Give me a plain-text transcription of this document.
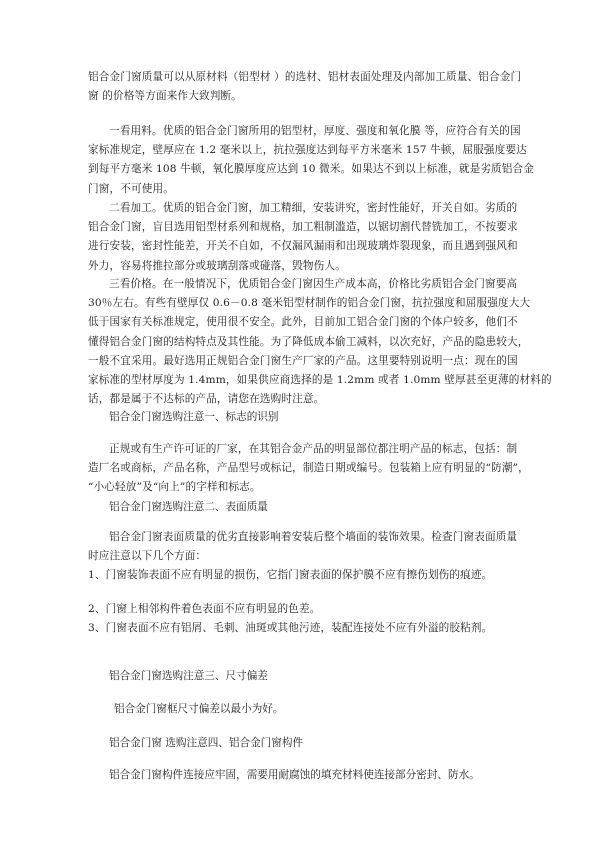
铝合金门窗质量可以从原材料（铝型材 ）的选材、铝材表面处理及内部加工质量、铝合金门
窗 的价格等方面来作大致判断。
一看用料。优质的铝合金门窗所用的铝型材，厚度、强度和氧化膜 等，应符合有关的国
家标准规定，壁厚应在 1.2 毫米以上，抗拉强度达到每平方米毫米 157 牛顿，屈服强度要达
到每平方毫米 108 牛顿，氧化膜厚度应达到 10 微米。如果达不到以上标准，就是劣质铝合金
门窗，不可使用。
二看加工。优质的铝合金门窗，加工精细，安装讲究，密封性能好，开关自如。劣质的
铝合金门窗，盲目选用铝型材系列和规格，加工粗制滥造，以锯切割代替铣加工，不按要求
进行安装，密封性能差，开关不自如，不仅漏风漏雨和出现玻璃炸裂现象，而且遇到强风和
外力，容易将推拉部分或玻璃刮落或碰落，毁物伤人。
三看价格。在一般情况下，优质铝合金门窗因生产成本高，价格比劣质铝合金门窗要高
30％左右。有些有壁厚仅 0.6－0.8 毫米铝型材制作的铝合金门窗，抗拉强度和屈服强度大大
低于国家有关标准规定，使用很不安全。此外，目前加工铝合金门窗的个体户较多，他们不
懂得铝合金门窗的结构特点及其性能。为了降低成本偷工减料，以次充好，产品的隐患较大，
一般不宜采用。最好选用正规铝合金门窗生产厂家的产品。这里要特别说明一点：现在的国
家标准的型材厚度为 1.4mm，如果供应商选择的是 1.2mm 或者 1.0mm 壁厚甚至更薄的材料的
话，都是属于不达标的产品，请您在选购时注意。
铝合金门窗选购注意一、标志的识别
正规或有生产许可证的厂家，在其铝合金产品的明显部位都注明产品的标志，包括：制
造厂名或商标，产品名称，产品型号或标记，制造日期或编号。包装箱上应有明显的“防潮”，
“小心轻放”及“向上”的字样和标志。
铝合金门窗选购注意二、表面质量
铝合金门窗表面质量的优劣直接影响着安装后整个墙面的装饰效果。检查门窗表面质量
时应注意以下几个方面：
1、门窗装饰表面不应有明显的损伤，它指门窗表面的保护膜不应有擦伤划伤的痕迹。
2、门窗上相邻构件着色表面不应有明显的色差。
3、门窗表面不应有铝屑、毛刺、油斑或其他污迹，装配连接处不应有外溢的胶粘剂。
铝合金门窗选购注意三、尺寸偏差
铝合金门窗框尺寸偏差以最小为好。
铝合金门窗 选购注意四、铝合金门窗构件
铝合金门窗构件连接应牢固，需要用耐腐蚀的填充材料使连接部分密封、防水。
